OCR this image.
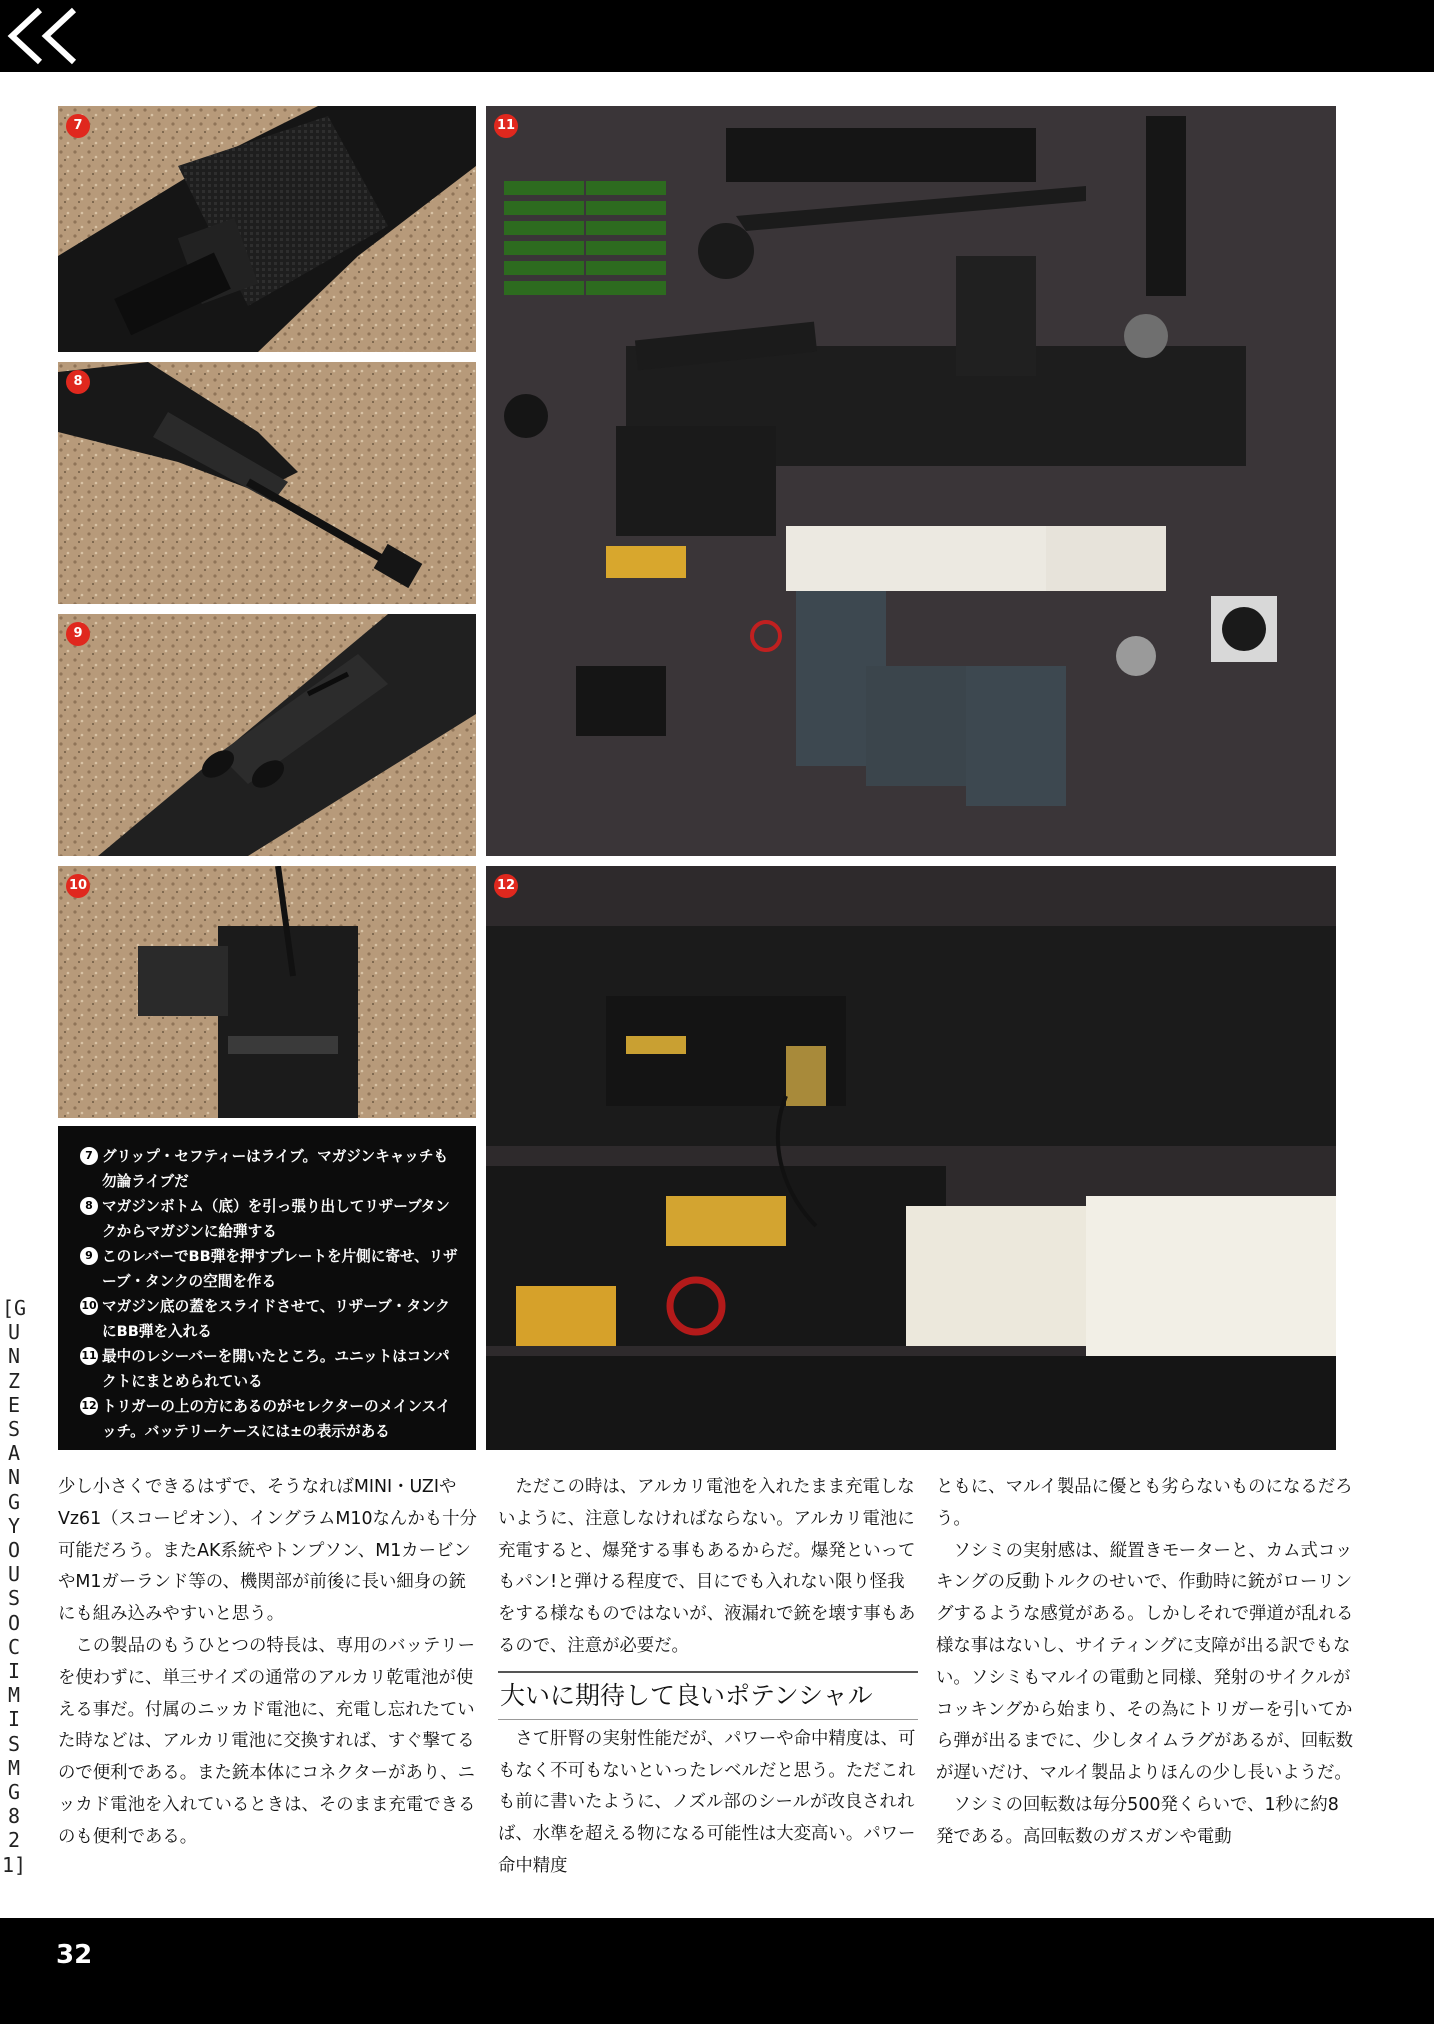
7
8
9
10
11
12

7 グリップ・セフティーはライブ。マガジンキャッチも勿論ライブだ

8 マガジンボトム（底）を引っ張り出してリザーブタンクからマガジンに給弾する

9 このレバーでBB弾を押すプレートを片側に寄せ、リザーブ・タンクの空間を作る

10 マガジン底の蓋をスライドさせて、リザーブ・タンクにBB弾を入れる

11 最中のレシーバーを開いたところ。ユニットはコンパクトにまとめられている

12 トリガーの上の方にあるのがセレクターのメインスイッチ。バッテリーケースには±の表示がある

[GUNZESANGYOU SOCIMI SMG821]

少し小さくできるはずで、そうなればMINI・UZIやVz61（スコーピオン）、イングラムM10なんかも十分可能だろう。またAK系統やトンプソン、M1カービンやM1ガーランド等の、機関部が前後に長い細身の銃にも組み込みやすいと思う。

この製品のもうひとつの特長は、専用のバッテリーを使わずに、単三サイズの通常のアルカリ乾電池が使える事だ。付属のニッカド電池に、充電し忘れたていた時などは、アルカリ電池に交換すれば、すぐ撃てるので便利である。また銃本体にコネクターがあり、ニッカド電池を入れているときは、そのまま充電できるのも便利である。

ただこの時は、アルカリ電池を入れたまま充電しないように、注意しなければならない。アルカリ電池に充電すると、爆発する事もあるからだ。爆発といってもパン!と弾ける程度で、目にでも入れない限り怪我をする様なものではないが、液漏れで銃を壊す事もあるので、注意が必要だ。

大いに期待して良いポテンシャル

さて肝腎の実射性能だが、パワーや命中精度は、可もなく不可もないといったレベルだと思う。ただこれも前に書いたように、ノズル部のシールが改良されれば、水準を超える物になる可能性は大変高い。パワー命中精度

ともに、マルイ製品に優とも劣らないものになるだろう。

ソシミの実射感は、縦置きモーターと、カム式コッキングの反動トルクのせいで、作動時に銃がローリングするような感覚がある。しかしそれで弾道が乱れる様な事はないし、サイティングに支障が出る訳でもない。ソシミもマルイの電動と同様、発射のサイクルがコッキングから始まり、その為にトリガーを引いてから弾が出るまでに、少しタイムラグがあるが、回転数が遅いだけ、マルイ製品よりほんの少し長いようだ。

ソシミの回転数は毎分500発くらいで、1秒に約8発である。高回転数のガスガンや電動

32
